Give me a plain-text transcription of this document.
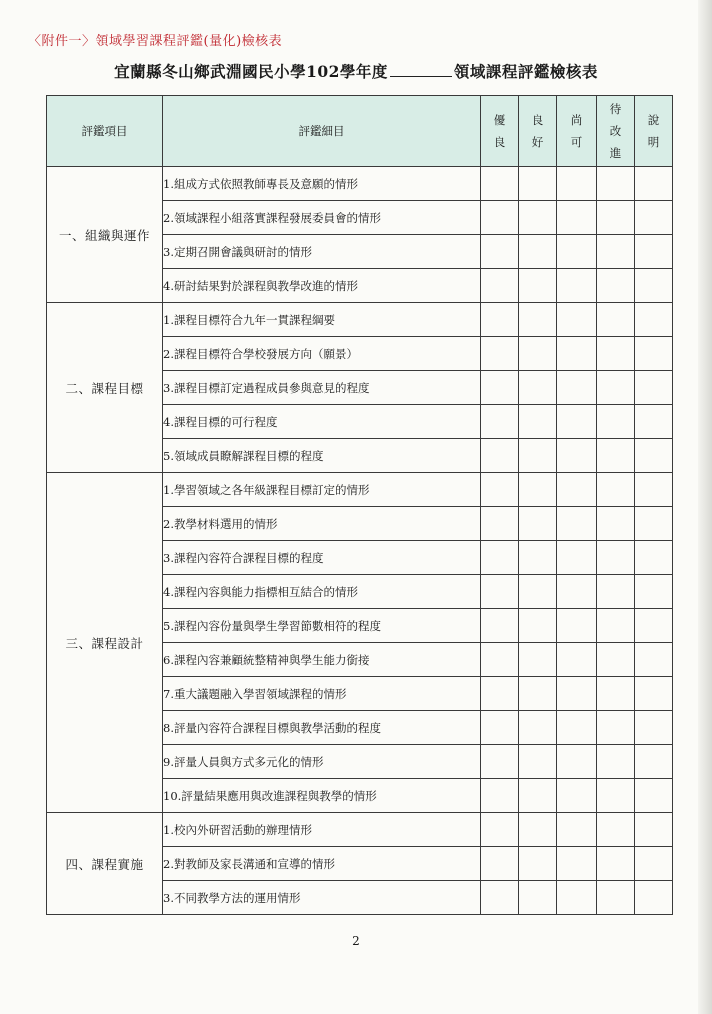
〈附件一〉領域學習課程評鑑(量化)檢核表
宜蘭縣冬山鄉武淵國民小學102學年度	領域課程評鑑檢核表
評鑑項目	評鑑細目	優良	良好	尚可	待改進	說明
一、組織與運作	1.組成方式依照教師專長及意願的情形					
	2.領域課程小組落實課程發展委員會的情形					
	3.定期召開會議與研討的情形					
	4.研討結果對於課程與教學改進的情形					
二、課程目標	1.課程目標符合九年一貫課程綱要					
	2.課程目標符合學校發展方向（願景）					
	3.課程目標訂定過程成員參與意見的程度					
	4.課程目標的可行程度					
	5.領域成員瞭解課程目標的程度					
三、課程設計	1.學習領域之各年級課程目標訂定的情形					
	2.教學材料選用的情形					
	3.課程內容符合課程目標的程度					
	4.課程內容與能力指標相互結合的情形					
	5.課程內容份量與學生學習節數相符的程度					
	6.課程內容兼顧統整精神與學生能力銜接					
	7.重大議題融入學習領域課程的情形					
	8.評量內容符合課程目標與教學活動的程度					
	9.評量人員與方式多元化的情形					
	10.評量結果應用與改進課程與教學的情形					
四、課程實施	1.校內外研習活動的辦理情形					
	2.對教師及家長溝通和宣導的情形					
	3.不同教學方法的運用情形					
2
